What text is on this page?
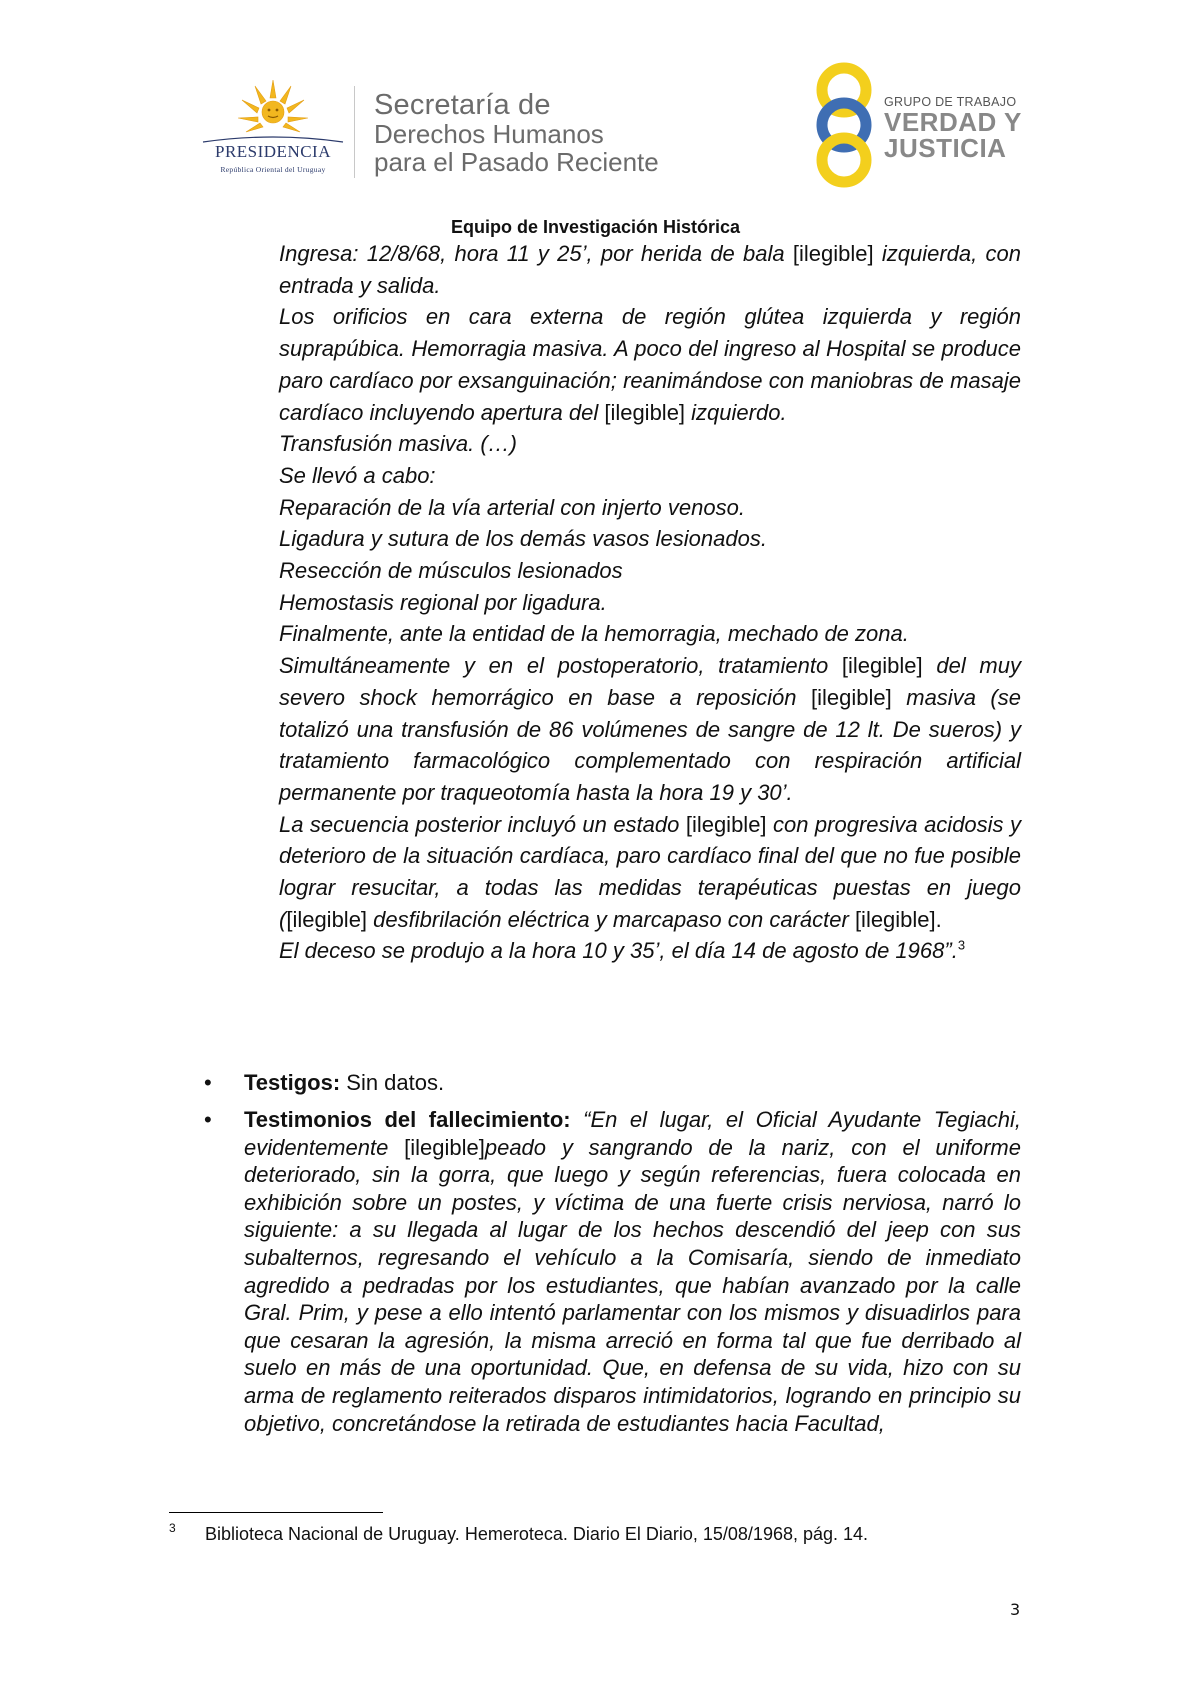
PRESIDENCIA
República Oriental del Uruguay
Secretaría de
Derechos Humanos
para el Pasado Reciente
GRUPO DE TRABAJO
VERDAD Y
JUSTICIA
Equipo de Investigación Histórica

Ingresa: 12/8/68, hora 11 y 25’, por herida de bala [ilegible] izquierda, con entrada y salida.

Los orificios en cara externa de región glútea izquierda y región suprapúbica. Hemorragia masiva. A poco del ingreso al Hospital se produce paro cardíaco por exsanguinación; reanimándose con maniobras de masaje cardíaco incluyendo apertura del [ilegible] izquierdo.

Transfusión masiva. (…)

Se llevó a cabo:

Reparación de la vía arterial con injerto venoso.

Ligadura y sutura de los demás vasos lesionados.

Resección de músculos lesionados

Hemostasis regional por ligadura.

Finalmente, ante la entidad de la hemorragia, mechado de zona.

Simultáneamente y en el postoperatorio, tratamiento [ilegible] del muy severo shock hemorrágico en base a reposición [ilegible] masiva (se totalizó una transfusión de 86 volúmenes de sangre de 12 lt. De sueros) y tratamiento farmacológico complementado con respiración artificial permanente por traqueotomía hasta la hora 19 y 30’.

La secuencia posterior incluyó un estado [ilegible] con progresiva acidosis y deterioro de la situación cardíaca, paro cardíaco final del que no fue posible lograr resucitar, a todas las medidas terapéuticas puestas en juego ([ilegible] desfibrilación eléctrica y marcapaso con carácter [ilegible].

El deceso se produjo a la hora 10 y 35’, el día 14 de agosto de 1968”.$^3$

• Testigos: Sin datos.
• Testimonios del fallecimiento: “En el lugar, el Oficial Ayudante Tegiachi, evidentemente [ilegible]peado y sangrando de la nariz, con el uniforme deteriorado, sin la gorra, que luego y según referencias, fuera colocada en exhibición sobre un postes, y víctima de una fuerte crisis nerviosa, narró lo siguiente: a su llegada al lugar de los hechos descendió del jeep con sus subalternos, regresando el vehículo a la Comisaría, siendo de inmediato agredido a pedradas por los estudiantes, que habían avanzado por la calle Gral. Prim, y pese a ello intentó parlamentar con los mismos y disuadirlos para que cesaran la agresión, la misma arreció en forma tal que fue derribado al suelo en más de una oportunidad. Que, en defensa de su vida, hizo con su arma de reglamento reiterados disparos intimidatorios, logrando en principio su objetivo, concretándose la retirada de estudiantes hacia Facultad,
3 Biblioteca Nacional de Uruguay. Hemeroteca. Diario El Diario, 15/08/1968, pág. 14.
3
